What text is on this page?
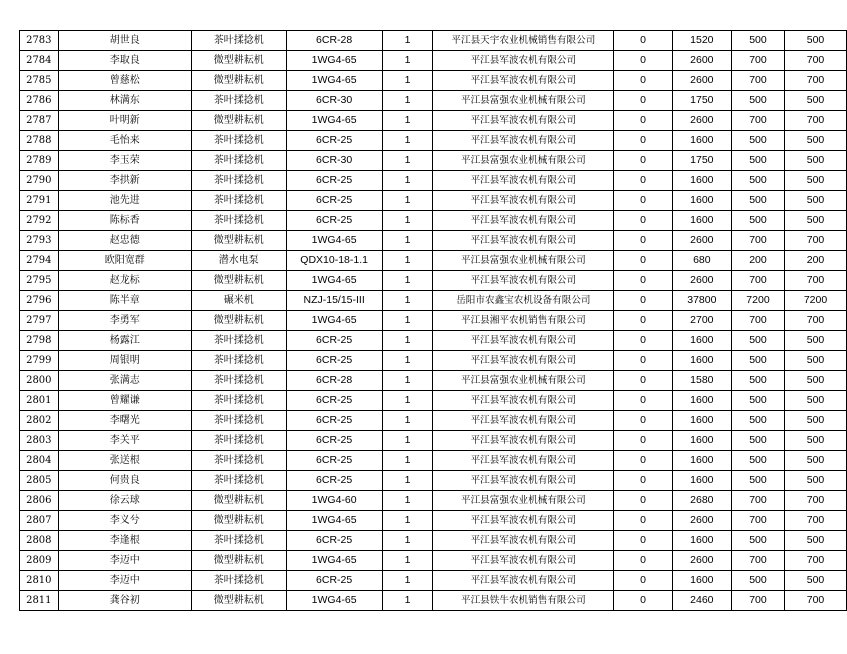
2783	胡世良	茶叶揉捻机	6CR-28	1	平江县天宇农业机械销售有限公司	0	1520	500	500
2784	李取良	微型耕耘机	1WG4-65	1	平江县军波农机有限公司	0	2600	700	700
2785	曾慈松	微型耕耘机	1WG4-65	1	平江县军波农机有限公司	0	2600	700	700
2786	林满东	茶叶揉捻机	6CR-30	1	平江县富强农业机械有限公司	0	1750	500	500
2787	叶明新	微型耕耘机	1WG4-65	1	平江县军波农机有限公司	0	2600	700	700
2788	毛怡来	茶叶揉捻机	6CR-25	1	平江县军波农机有限公司	0	1600	500	500
2789	李玉荣	茶叶揉捻机	6CR-30	1	平江县富强农业机械有限公司	0	1750	500	500
2790	李拱新	茶叶揉捻机	6CR-25	1	平江县军波农机有限公司	0	1600	500	500
2791	池先进	茶叶揉捻机	6CR-25	1	平江县军波农机有限公司	0	1600	500	500
2792	陈标香	茶叶揉捻机	6CR-25	1	平江县军波农机有限公司	0	1600	500	500
2793	赵忠德	微型耕耘机	1WG4-65	1	平江县军波农机有限公司	0	2600	700	700
2794	欧阳宽群	潜水电泵	QDX10-18-1.1	1	平江县富强农业机械有限公司	0	680	200	200
2795	赵龙标	微型耕耘机	1WG4-65	1	平江县军波农机有限公司	0	2600	700	700
2796	陈半章	碾米机	NZJ-15/15-III	1	岳阳市农鑫宝农机设备有限公司	0	37800	7200	7200
2797	李勇军	微型耕耘机	1WG4-65	1	平江县湘平农机销售有限公司	0	2700	700	700
2798	杨露江	茶叶揉捻机	6CR-25	1	平江县军波农机有限公司	0	1600	500	500
2799	周银明	茶叶揉捻机	6CR-25	1	平江县军波农机有限公司	0	1600	500	500
2800	张满志	茶叶揉捻机	6CR-28	1	平江县富强农业机械有限公司	0	1580	500	500
2801	曾耀谦	茶叶揉捻机	6CR-25	1	平江县军波农机有限公司	0	1600	500	500
2802	李曙光	茶叶揉捻机	6CR-25	1	平江县军波农机有限公司	0	1600	500	500
2803	李关平	茶叶揉捻机	6CR-25	1	平江县军波农机有限公司	0	1600	500	500
2804	张送根	茶叶揉捻机	6CR-25	1	平江县军波农机有限公司	0	1600	500	500
2805	何贵良	茶叶揉捻机	6CR-25	1	平江县军波农机有限公司	0	1600	500	500
2806	徐云球	微型耕耘机	1WG4-60	1	平江县富强农业机械有限公司	0	2680	700	700
2807	李义兮	微型耕耘机	1WG4-65	1	平江县军波农机有限公司	0	2600	700	700
2808	李逢根	茶叶揉捻机	6CR-25	1	平江县军波农机有限公司	0	1600	500	500
2809	李迈中	微型耕耘机	1WG4-65	1	平江县军波农机有限公司	0	2600	700	700
2810	李迈中	茶叶揉捻机	6CR-25	1	平江县军波农机有限公司	0	1600	500	500
2811	龚谷初	微型耕耘机	1WG4-65	1	平江县铁牛农机销售有限公司	0	2460	700	700
